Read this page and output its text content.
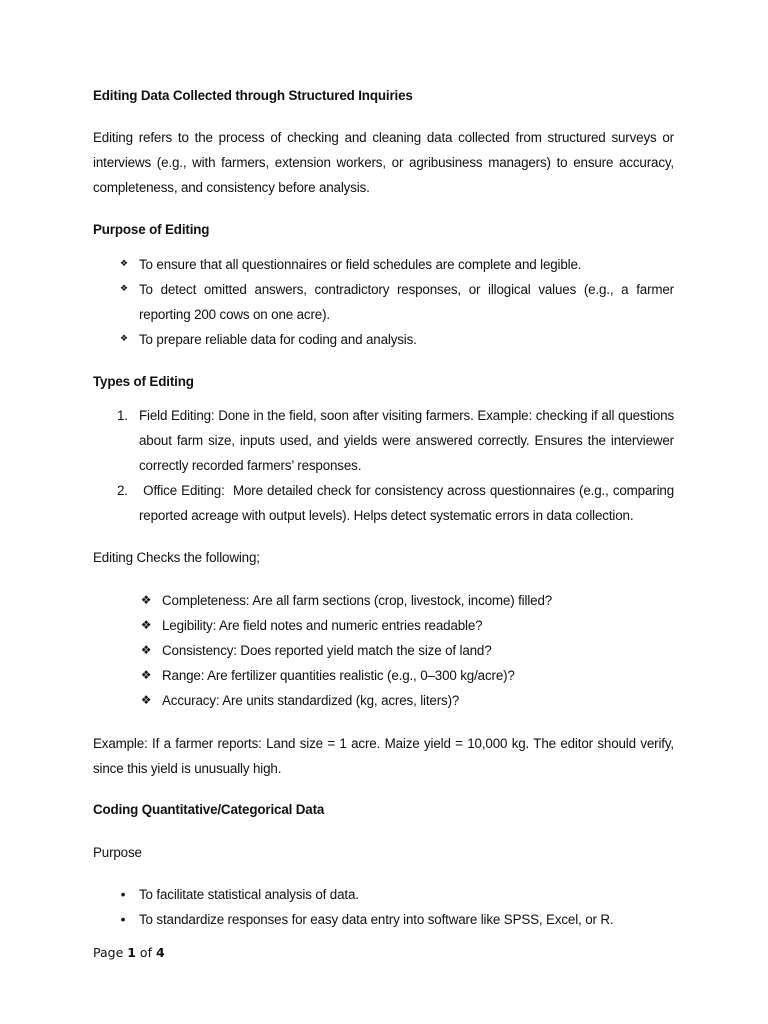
Editing Data Collected through Structured Inquiries

Editing refers to the process of checking and cleaning data collected from structured surveys or interviews (e.g., with farmers, extension workers, or agribusiness managers) to ensure accuracy, completeness, and consistency before analysis.

Purpose of Editing

❖ To ensure that all questionnaires or field schedules are complete and legible.
❖ To detect omitted answers, contradictory responses, or illogical values (e.g., a farmer reporting 200 cows on one acre).
❖ To prepare reliable data for coding and analysis.

Types of Editing

1. Field Editing: Done in the field, soon after visiting farmers. Example: checking if all questions about farm size, inputs used, and yields were answered correctly. Ensures the interviewer correctly recorded farmers’ responses.
2. Office Editing:  More detailed check for consistency across questionnaires (e.g., comparing reported acreage with output levels). Helps detect systematic errors in data collection.

Editing Checks the following;

❖ Completeness: Are all farm sections (crop, livestock, income) filled?
❖ Legibility: Are field notes and numeric entries readable?
❖ Consistency: Does reported yield match the size of land?
❖ Range: Are fertilizer quantities realistic (e.g., 0–300 kg/acre)?
❖ Accuracy: Are units standardized (kg, acres, liters)?

Example: If a farmer reports: Land size = 1 acre. Maize yield = 10,000 kg. The editor should verify, since this yield is unusually high.

Coding Quantitative/Categorical Data

Purpose

• To facilitate statistical analysis of data.
• To standardize responses for easy data entry into software like SPSS, Excel, or R.
Page 1 of 4
